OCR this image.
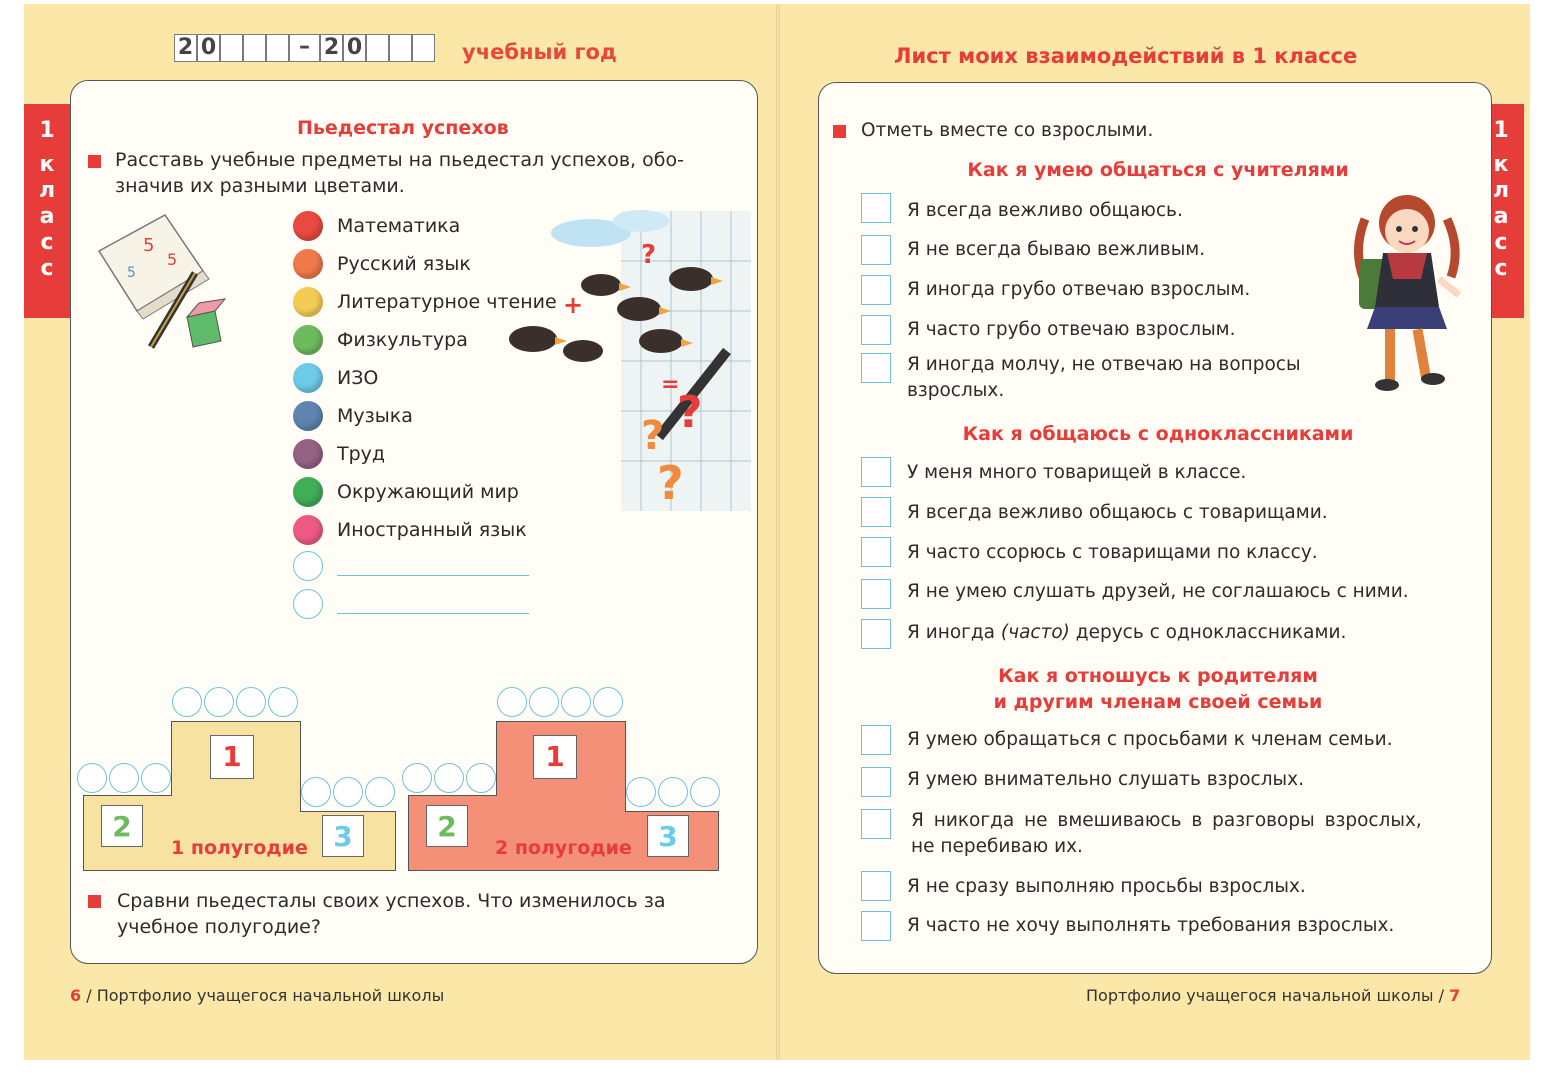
2 0	– 2 0	учебный год
1
к
л
а
с
с
Пьедестал успехов
Расставь учебные предметы на пьедестал успехов, обо-
значив их разными цветами.
5
5
5
Математика
Русский язык
Литературное чтение
Физкультура
ИЗО
Музыка
Труд
Окружающий мир
Иностранный язык
?
+
=
? ?
?
1
2	3
1 полугодие
1
2	3
2 полугодие
Сравни пьедесталы своих успехов. Что изменилось за
учебное полугодие?
6 / Портфолио учащегося начальной школы
Лист моих взаимодействий в 1 классе
1
к
л
а
с
с
Отметь вместе со взрослыми.
Как я умею общаться с учителями
Я всегда вежливо общаюсь.
Я не всегда бываю вежливым.
Я иногда грубо отвечаю взрослым.
Я часто грубо отвечаю взрослым.
Я иногда молчу, не отвечаю на вопросы
взрослых.
Как я общаюсь с одноклассниками
У меня много товарищей в классе.
Я всегда вежливо общаюсь с товарищами.
Я часто ссорюсь с товарищами по классу.
Я не умею слушать друзей, не соглашаюсь с ними.
Я иногда (часто) дерусь с одноклассниками.
Как я отношусь к родителям
и другим членам своей семьи
Я умею обращаться с просьбами к членам семьи.
Я умею внимательно слушать взрослых.
Я никогда не вмешиваюсь в разговоры взрослых,
не перебиваю их.
Я не сразу выполняю просьбы взрослых.
Я часто не хочу выполнять требования взрослых.
Портфолио учащегося начальной школы / 7
